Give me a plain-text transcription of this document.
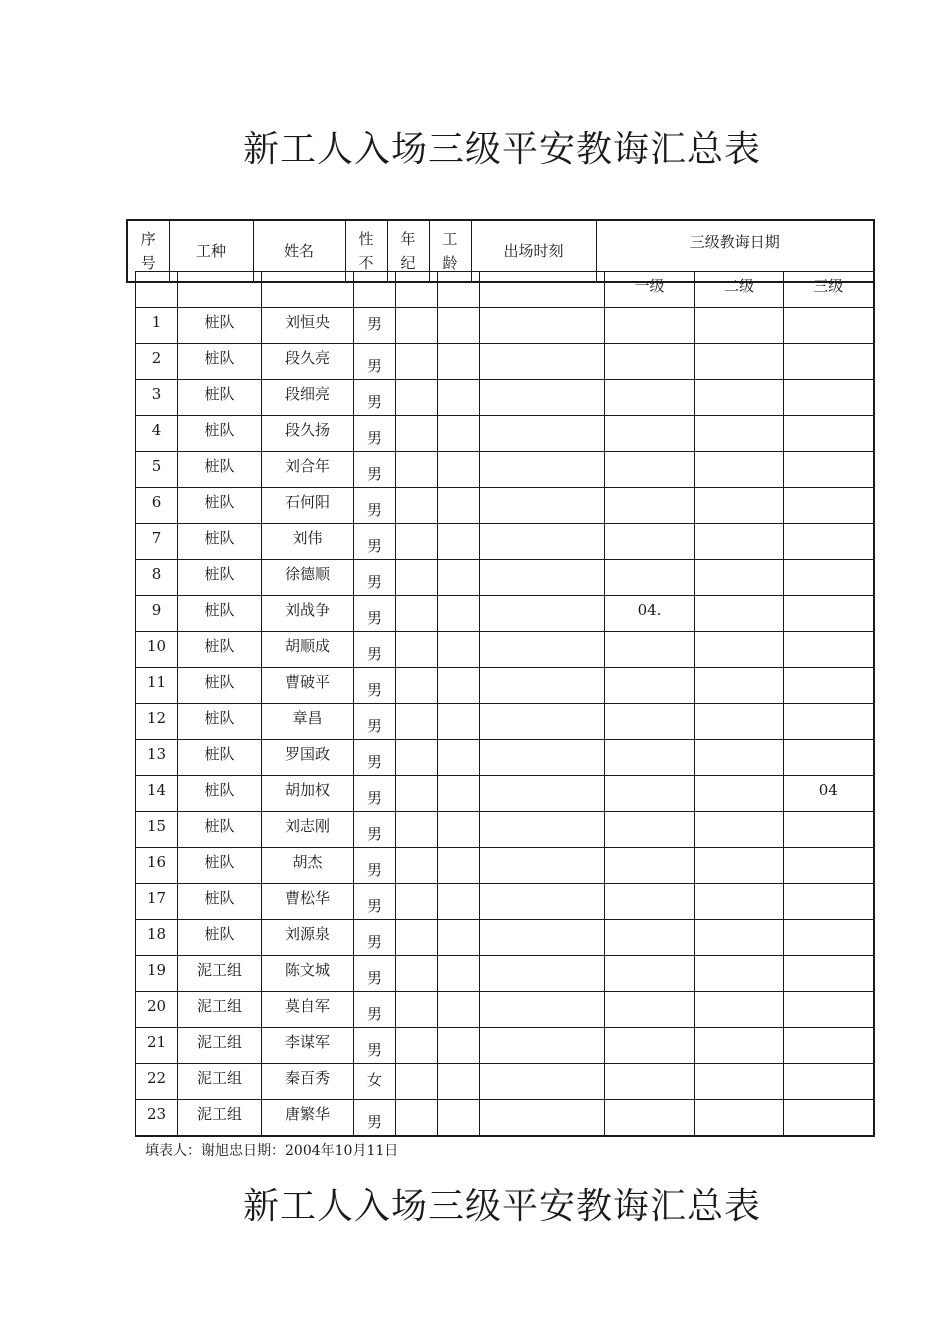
新工人入场三级平安教诲汇总表
序号	工种	姓名	性不	年纪	工龄	出场时刻	三级教诲日期
							一级	二级	三级
1	桩队	刘恒央	男						
2	桩队	段久亮	男						
3	桩队	段细亮	男						
4	桩队	段久扬	男						
5	桩队	刘合年	男						
6	桩队	石何阳	男						
7	桩队	刘伟	男						
8	桩队	徐德顺	男						
9	桩队	刘战争	男				04.		
10	桩队	胡顺成	男						
11	桩队	曹破平	男						
12	桩队	章昌	男						
13	桩队	罗国政	男						
14	桩队	胡加权	男						04
15	桩队	刘志刚	男						
16	桩队	胡杰	男						
17	桩队	曹松华	男						
18	桩队	刘源泉	男						
19	泥工组	陈文城	男						
20	泥工组	莫自军	男						
21	泥工组	李谋军	男						
22	泥工组	秦百秀	女						
23	泥工组	唐繁华	男						
填表人：谢旭忠日期：2004年10月11日
新工人入场三级平安教诲汇总表
